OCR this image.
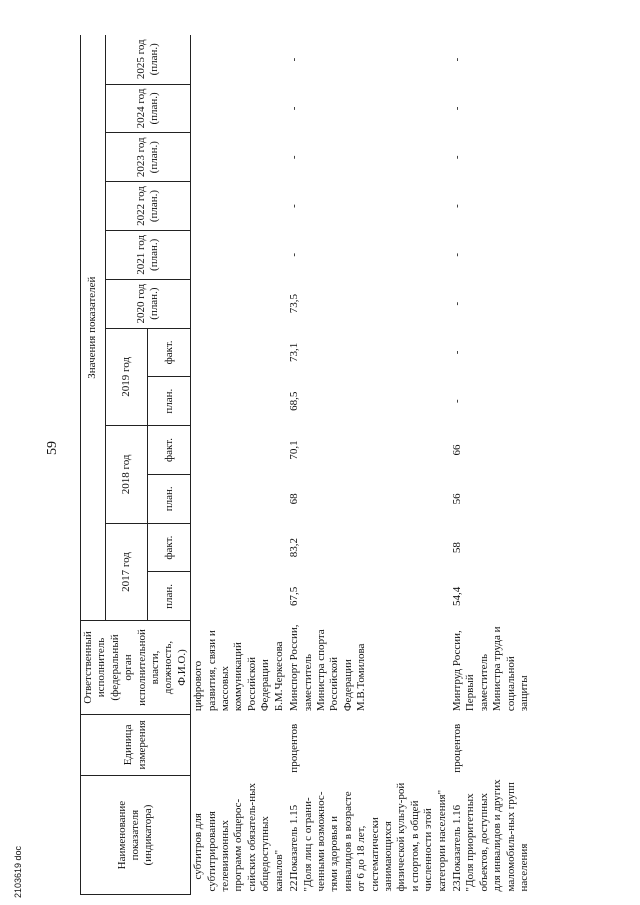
59
Наименование показателя (индикатора)	Единица измерения	Ответственный исполнитель (федеральный орган исполнительной власти, должность, Ф.И.О.)	Значения показателей											
			2017 год		2018 год		2019 год		2020 год (план.)	2021 год (план.)	2022 год (план.)	2023 год (план.)	2024 год (план.)	2025 год (план.)
			план.	факт.	план.	факт.	план.	факт.						
субтитров для субтитрирования телевизионных программ общерос-сийских обязатель-ных общедоступных каналов"		цифрового развития, связи и массовых коммуникаций Российской Федерации Б.М.Черкесова												
22.Показатель 1.15 "Доля лиц с ограни-ченными возможнос-тями здоровья и инвалидов в возрасте от 6 до 18 лет, систематически занимающихся физической культу-рой и спортом, в общей численности этой категории населения"	процентов	Минспорт России, заместитель Министра спорта Российской Федерации М.В.Томилова	67,5	83,2	68	70,1	68,5	73,1	73,5	-	-	-	-	-
23.Показатель 1.16 "Доля приоритетных объектов, доступных для инвалидов и других маломобиль-ных групп населения	процентов	Минтруд России, Первый заместитель Министра труда и социальной защиты	54,4	58	56	66	-	-	-	-	-	-	-	-
2103619 doc
